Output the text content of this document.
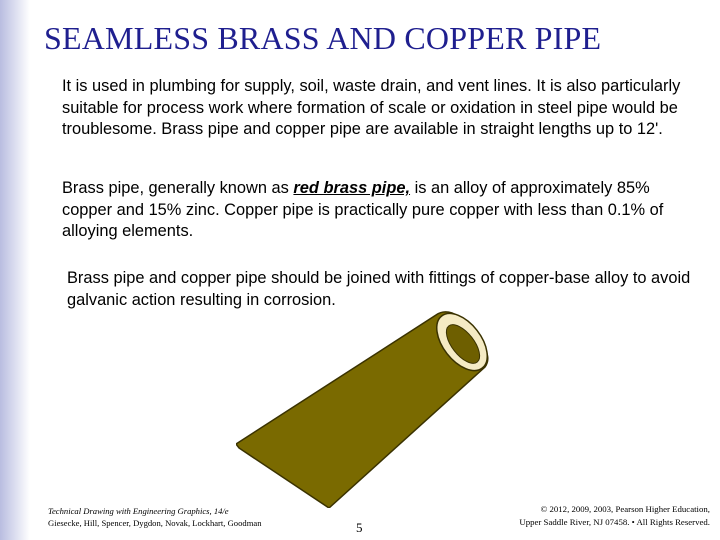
SEAMLESS BRASS AND COPPER PIPE
It is used in plumbing for supply, soil, waste drain, and vent lines. It is also particularly suitable for process work where formation of scale or oxidation in steel pipe would be troublesome. Brass pipe and copper pipe are available in straight lengths up to 12'.
Brass pipe, generally known as red brass pipe, is an alloy of approximately 85% copper and 15% zinc. Copper pipe is practically pure copper with less than 0.1% of alloying elements.
Brass pipe and copper pipe should be joined with fittings of copper-base alloy to avoid galvanic action resulting in corrosion.
Technical Drawing with Engineering Graphics, 14/e
Giesecke, Hill, Spencer, Dygdon, Novak, Lockhart, Goodman	5
© 2012, 2009, 2003, Pearson Higher Education,
Upper Saddle River, NJ 07458. • All Rights Reserved.
